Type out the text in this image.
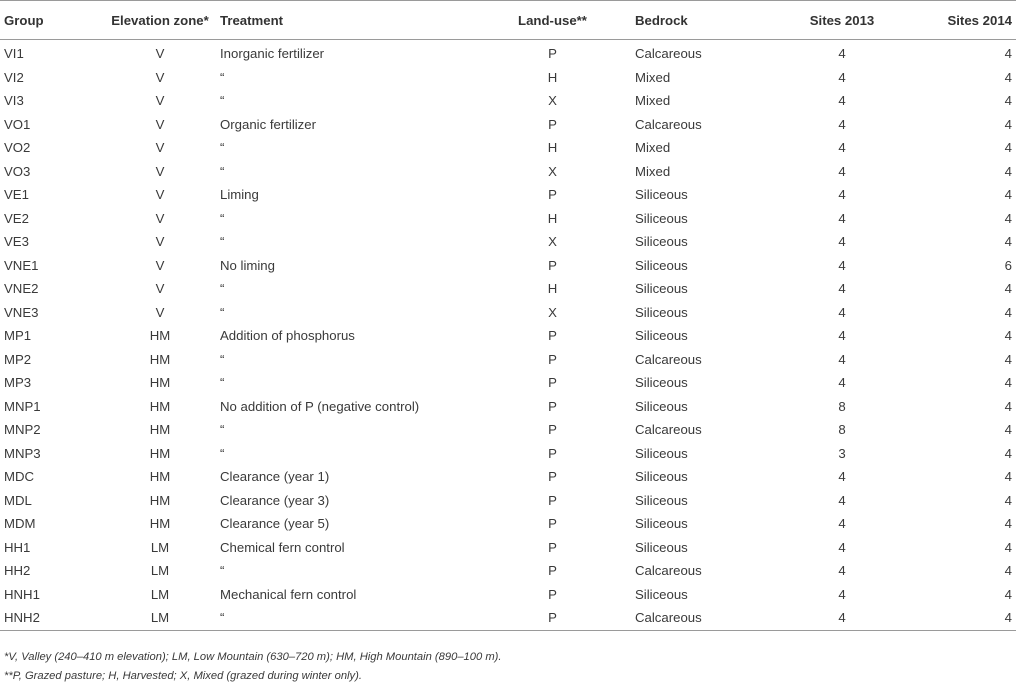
Group	Elevation zone*	Treatment	Land-use**	Bedrock	Sites 2013	Sites 2014
VI1	V	Inorganic fertilizer	P	Calcareous	4	4
VI2	V	“	H	Mixed	4	4
VI3	V	“	X	Mixed	4	4
VO1	V	Organic fertilizer	P	Calcareous	4	4
VO2	V	“	H	Mixed	4	4
VO3	V	“	X	Mixed	4	4
VE1	V	Liming	P	Siliceous	4	4
VE2	V	“	H	Siliceous	4	4
VE3	V	“	X	Siliceous	4	4
VNE1	V	No liming	P	Siliceous	4	6
VNE2	V	“	H	Siliceous	4	4
VNE3	V	“	X	Siliceous	4	4
MP1	HM	Addition of phosphorus	P	Siliceous	4	4
MP2	HM	“	P	Calcareous	4	4
MP3	HM	“	P	Siliceous	4	4
MNP1	HM	No addition of P (negative control)	P	Siliceous	8	4
MNP2	HM	“	P	Calcareous	8	4
MNP3	HM	“	P	Siliceous	3	4
MDC	HM	Clearance (year 1)	P	Siliceous	4	4
MDL	HM	Clearance (year 3)	P	Siliceous	4	4
MDM	HM	Clearance (year 5)	P	Siliceous	4	4
HH1	LM	Chemical fern control	P	Siliceous	4	4
HH2	LM	“	P	Calcareous	4	4
HNH1	LM	Mechanical fern control	P	Siliceous	4	4
HNH2	LM	“	P	Calcareous	4	4
*V, Valley (240–410 m elevation); LM, Low Mountain (630–720 m); HM, High Mountain (890–100 m).
**P, Grazed pasture; H, Harvested; X, Mixed (grazed during winter only).
